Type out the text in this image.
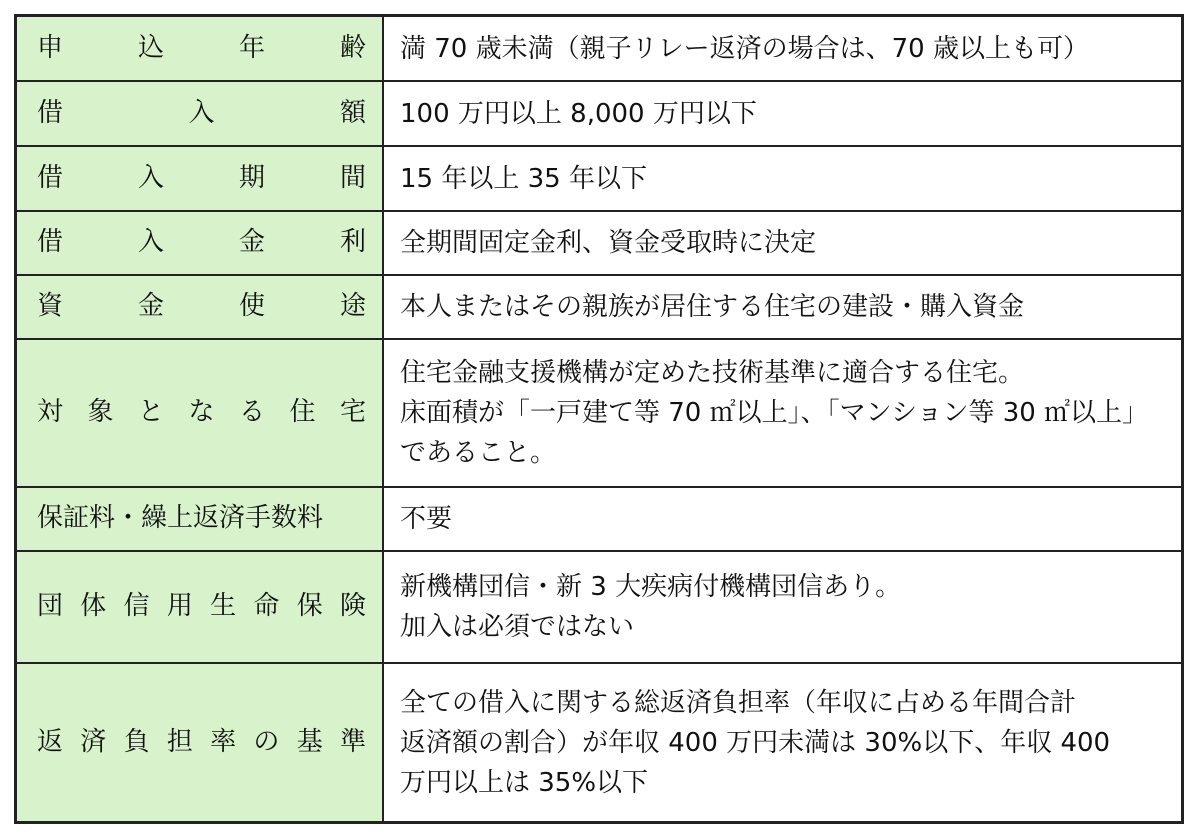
申 込 年 齢 満 70 歳未満（親子リレー返済の場合は、70 歳以上も可）

借 入 額 100 万円以上 8,000 万円以下

借 入 期 間 15 年以上 35 年以下

借 入 金 利 全期間固定金利、資金受取時に決定

資 金 使 途 本人またはその親族が居住する住宅の建設・購入資金

対 象 と な る 住 宅

住宅金融支援機構が定めた技術基準に適合する住宅。

床面積が「一戸建て等 70 ㎡以上」、「マンション等 30 ㎡以上」

であること。

保証料・繰上返済手数料	不要

団 体 信 用 生 命 保 険

新機構団信・新 3 大疾病付機構団信あり。

加入は必須ではない

返 済 負 担 率 の 基 準

全ての借入に関する総返済負担率（年収に占める年間合計

返済額の割合）が年収 400 万円未満は 30%以下、年収 400

万円以上は 35%以下
